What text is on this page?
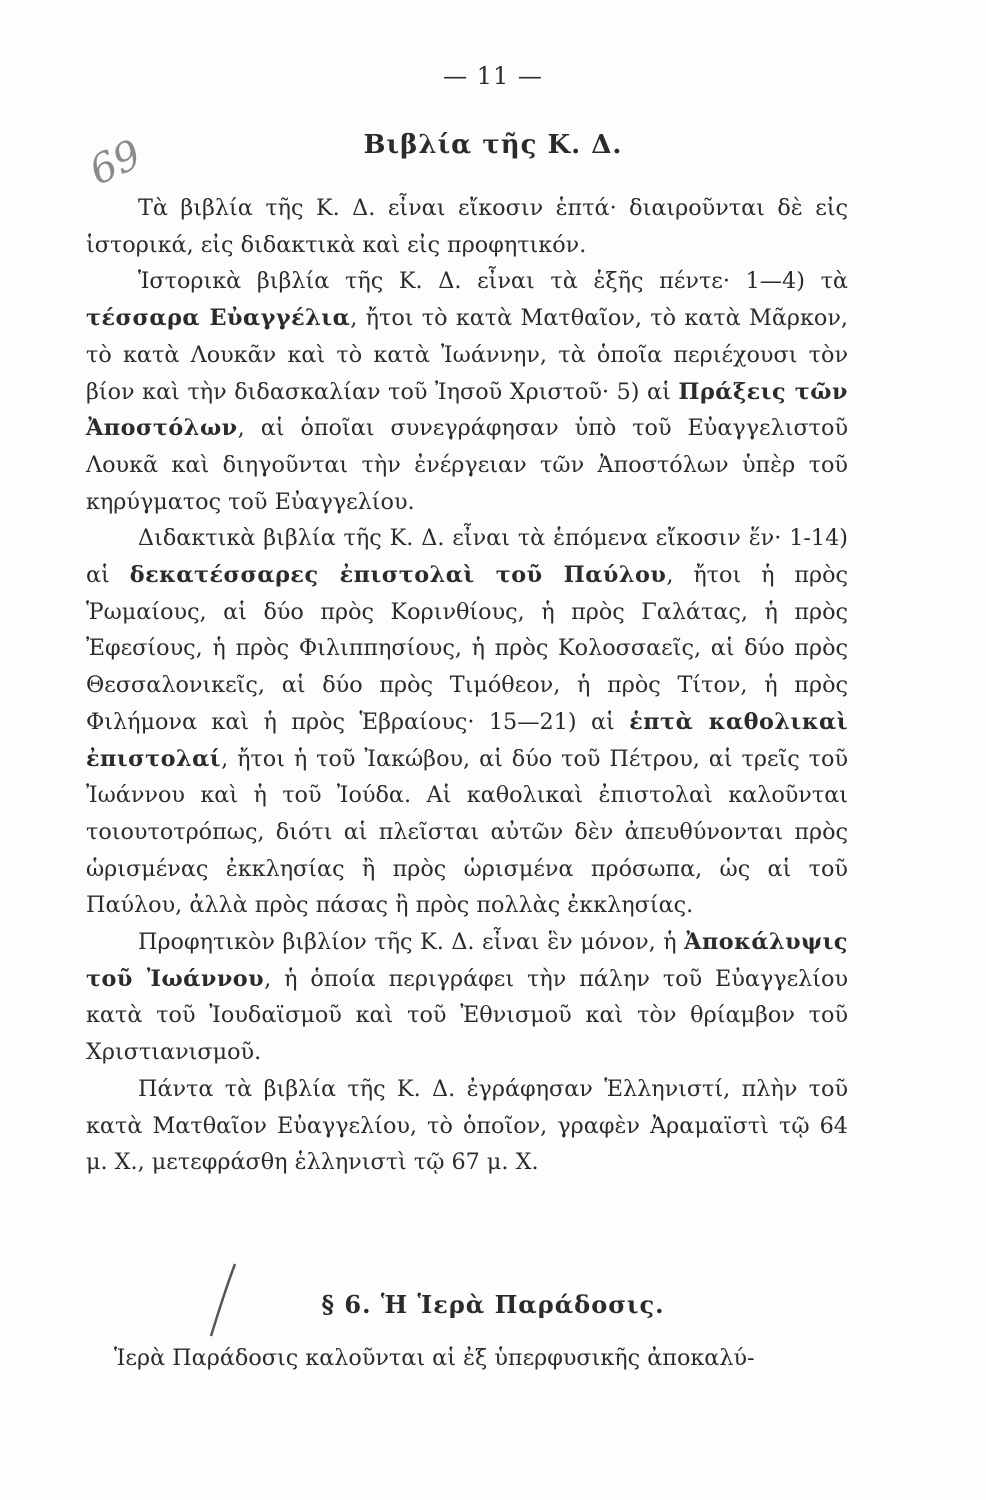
69
— 11 —
Βιβλία τῆς Κ. Δ.

Τὰ βιβλία τῆς Κ. Δ. εἶναι εἴκοσιν ἑπτά· διαιροῦνται δὲ εἰς ἱστορικά, εἰς διδακτικὰ καὶ εἰς προφητικόν.

Ἱστορικὰ βιβλία τῆς Κ. Δ. εἶναι τὰ ἑξῆς πέντε· 1—4) τὰ τέσσαρα Εὐαγγέλια, ἤτοι τὸ κατὰ Ματθαῖον, τὸ κατὰ Μᾶρκον, τὸ κατὰ Λουκᾶν καὶ τὸ κατὰ Ἰωάννην, τὰ ὁποῖα περιέχουσι τὸν βίον καὶ τὴν διδασκαλίαν τοῦ Ἰησοῦ Χριστοῦ· 5) αἱ Πράξεις τῶν Ἀποστόλων, αἱ ὁποῖαι συνεγράφησαν ὑπὸ τοῦ Εὐαγγελιστοῦ Λουκᾶ καὶ διηγοῦνται τὴν ἐνέργειαν τῶν Ἀποστόλων ὑπὲρ τοῦ κηρύγματος τοῦ Εὐαγγελίου.

Διδακτικὰ βιβλία τῆς Κ. Δ. εἶναι τὰ ἑπόμενα εἴκοσιν ἕν· 1-14) αἱ δεκατέσσαρες ἐπιστολαὶ τοῦ Παύλου, ἤτοι ἡ πρὸς Ῥωμαίους, αἱ δύο πρὸς Κορινθίους, ἡ πρὸς Γαλάτας, ἡ πρὸς Ἐφεσίους, ἡ πρὸς Φιλιππησίους, ἡ πρὸς Κολοσσαεῖς, αἱ δύο πρὸς Θεσσαλονικεῖς, αἱ δύο πρὸς Τιμόθεον, ἡ πρὸς Τίτον, ἡ πρὸς Φιλήμονα καὶ ἡ πρὸς Ἑβραίους· 15—21) αἱ ἑπτὰ καθολικαὶ ἐπιστολαί, ἤτοι ἡ τοῦ Ἰακώβου, αἱ δύο τοῦ Πέτρου, αἱ τρεῖς τοῦ Ἰωάννου καὶ ἡ τοῦ Ἰούδα. Αἱ καθολικαὶ ἐπιστολαὶ καλοῦνται τοιουτοτρόπως, διότι αἱ πλεῖσται αὐτῶν δὲν ἀπευθύνονται πρὸς ὡρισμένας ἐκκλησίας ἢ πρὸς ὡρισμένα πρόσωπα, ὡς αἱ τοῦ Παύλου, ἀλλὰ πρὸς πάσας ἢ πρὸς πολλὰς ἐκκλησίας.

Προφητικὸν βιβλίον τῆς Κ. Δ. εἶναι ἓν μόνον, ἡ Ἀποκάλυψις τοῦ Ἰωάννου, ἡ ὁποία περιγράφει τὴν πάλην τοῦ Εὐαγγελίου κατὰ τοῦ Ἰουδαϊσμοῦ καὶ τοῦ Ἐθνισμοῦ καὶ τὸν θρίαμβον τοῦ Χριστιανισμοῦ.

Πάντα τὰ βιβλία τῆς Κ. Δ. ἐγράφησαν Ἑλληνιστί, πλὴν τοῦ κατὰ Ματθαῖον Εὐαγγελίου, τὸ ὁποῖον, γραφὲν Ἀραμαϊστὶ τῷ 64 μ. Χ., μετεφράσθη ἑλληνιστὶ τῷ 67 μ. Χ.

§ 6. Ἡ Ἱερὰ Παράδοσις.
Ἱερὰ Παράδοσις καλοῦνται αἱ ἐξ ὑπερφυσικῆς ἀποκαλύ-
